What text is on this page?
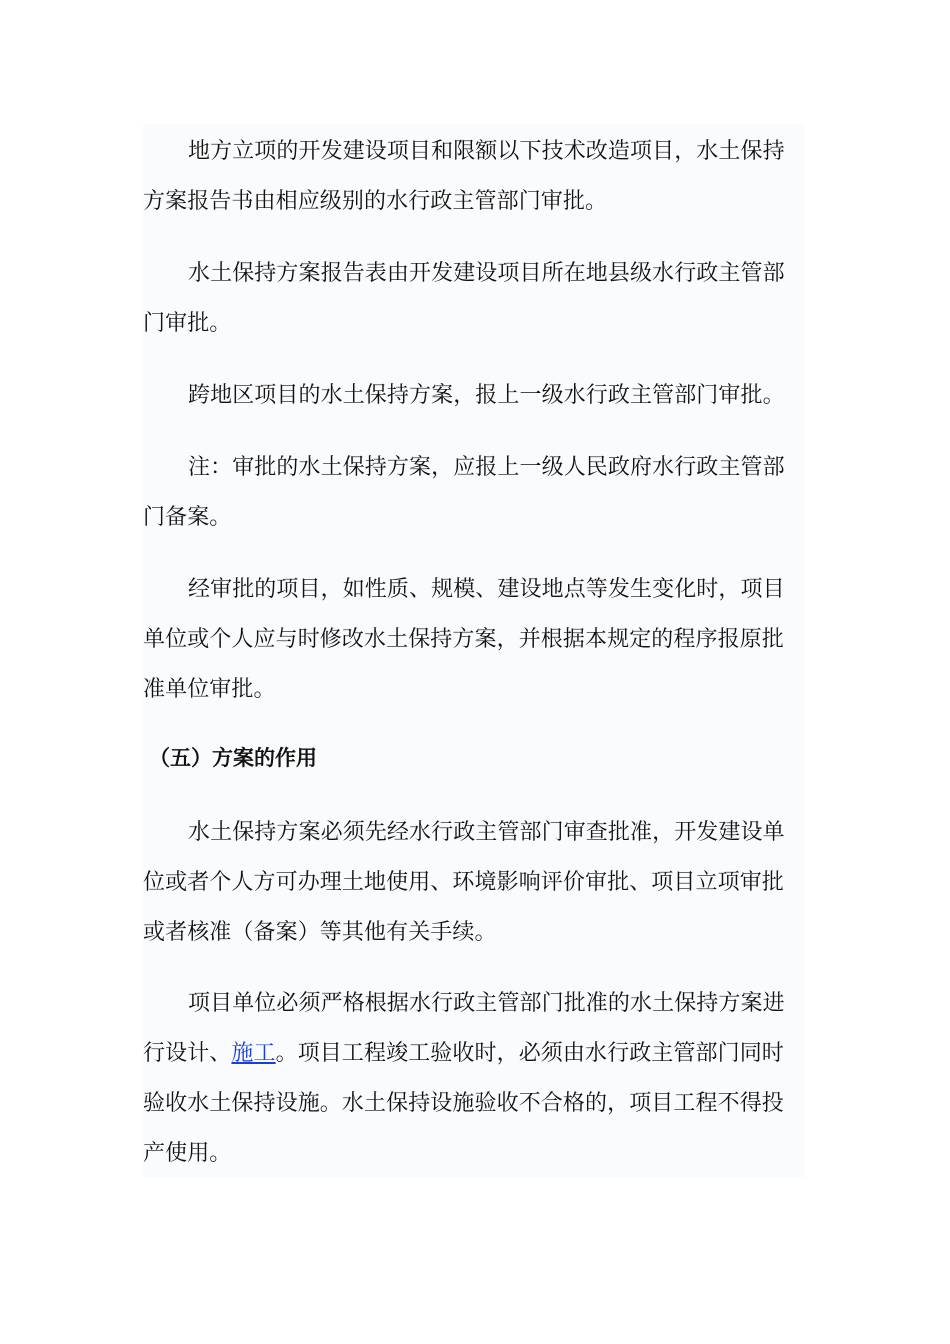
地方立项的开发建设项目和限额以下技术改造项目，水土保持
方案报告书由相应级别的水行政主管部门审批。

水土保持方案报告表由开发建设项目所在地县级水行政主管部
门审批。

跨地区项目的水土保持方案，报上一级水行政主管部门审批。

注：审批的水土保持方案，应报上一级人民政府水行政主管部
门备案。

经审批的项目，如性质、规模、建设地点等发生变化时，项目
单位或个人应与时修改水土保持方案，并根据本规定的程序报原批
准单位审批。

（五）方案的作用

水土保持方案必须先经水行政主管部门审查批准，开发建设单
位或者个人方可办理土地使用、环境影响评价审批、项目立项审批
或者核准（备案）等其他有关手续。

项目单位必须严格根据水行政主管部门批准的水土保持方案进
行设计、施工。项目工程竣工验收时，必须由水行政主管部门同时
验收水土保持设施。水土保持设施验收不合格的，项目工程不得投
产使用。
